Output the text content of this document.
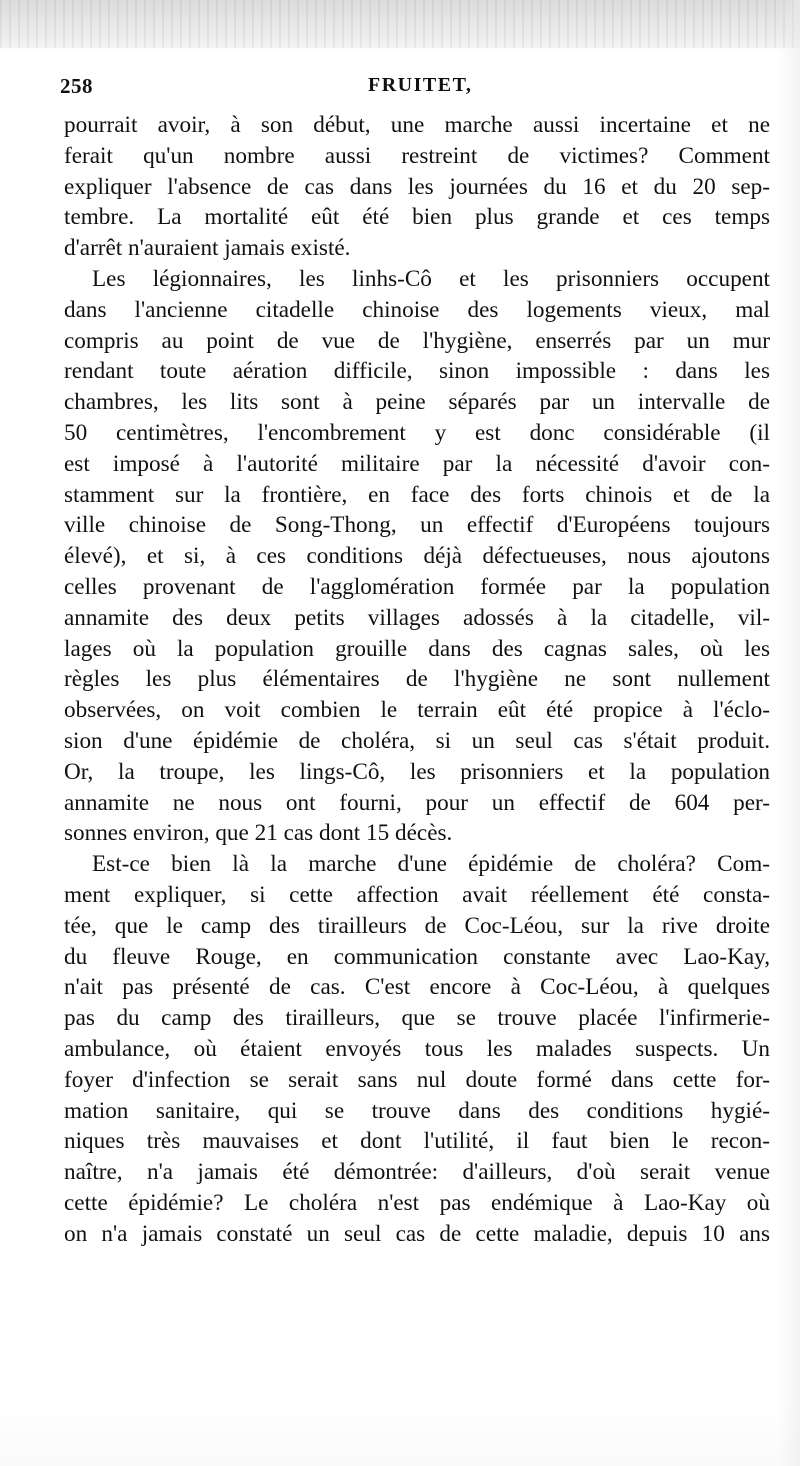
258	FRUITET,
pourrait avoir, à son début, une marche aussi incertaine et ne
ferait qu'un nombre aussi restreint de victimes? Comment
expliquer l'absence de cas dans les journées du 16 et du 20 sep-
tembre. La mortalité eût été bien plus grande et ces temps
d'arrêt n'auraient jamais existé.
Les légionnaires, les linhs-Cô et les prisonniers occupent
dans l'ancienne citadelle chinoise des logements vieux, mal
compris au point de vue de l'hygiène, enserrés par un mur
rendant toute aération difficile, sinon impossible : dans les
chambres, les lits sont à peine séparés par un intervalle de
50 centimètres, l'encombrement y est donc considérable (il
est imposé à l'autorité militaire par la nécessité d'avoir con-
stamment sur la frontière, en face des forts chinois et de la
ville chinoise de Song-Thong, un effectif d'Européens toujours
élevé), et si, à ces conditions déjà défectueuses, nous ajoutons
celles provenant de l'agglomération formée par la population
annamite des deux petits villages adossés à la citadelle, vil-
lages où la population grouille dans des cagnas sales, où les
règles les plus élémentaires de l'hygiène ne sont nullement
observées, on voit combien le terrain eût été propice à l'éclo-
sion d'une épidémie de choléra, si un seul cas s'était produit.
Or, la troupe, les lings-Cô, les prisonniers et la population
annamite ne nous ont fourni, pour un effectif de 604 per-
sonnes environ, que 21 cas dont 15 décès.
Est-ce bien là la marche d'une épidémie de choléra? Com-
ment expliquer, si cette affection avait réellement été consta-
tée, que le camp des tirailleurs de Coc-Léou, sur la rive droite
du fleuve Rouge, en communication constante avec Lao-Kay,
n'ait pas présenté de cas. C'est encore à Coc-Léou, à quelques
pas du camp des tirailleurs, que se trouve placée l'infirmerie-
ambulance, où étaient envoyés tous les malades suspects. Un
foyer d'infection se serait sans nul doute formé dans cette for-
mation sanitaire, qui se trouve dans des conditions hygié-
niques très mauvaises et dont l'utilité, il faut bien le recon-
naître, n'a jamais été démontrée: d'ailleurs, d'où serait venue
cette épidémie? Le choléra n'est pas endémique à Lao-Kay où
on n'a jamais constaté un seul cas de cette maladie, depuis 10 ans
